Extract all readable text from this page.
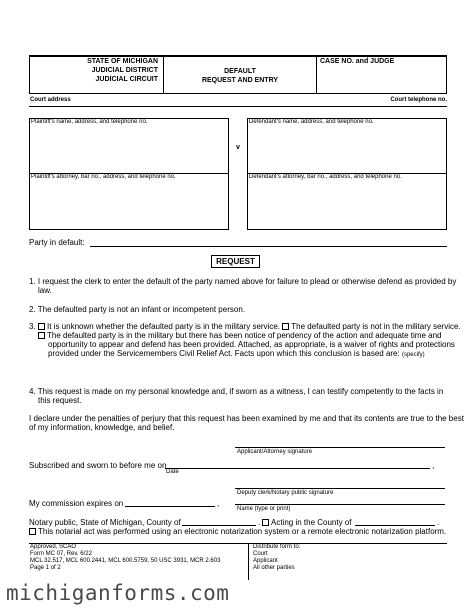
STATE OF MICHIGAN
JUDICIAL DISTRICT
JUDICIAL CIRCUIT
DEFAULT
REQUEST AND ENTRY
CASE NO. and JUDGE
Court address	Court telephone no.
Plaintiff's name, address, and telephone no.
Plaintiff's attorney, bar no., address, and telephone no.
v
Defendant's name, address, and telephone no.
Defendant's attorney, bar no., address, and telephone no.
Party in default:
REQUEST
1. I request the clerk to enter the default of the party named above for failure to plead or otherwise defend as provided by
law.
2. The defaulted party is not an infant or incompetent person.
3.	It is unknown whether the defaulted party is in the military service. The defaulted party is not in the military service.
The defaulted party is in the military but there has been notice of pendency of the action and adequate time and
opportunity to appear and defend has been provided. Attached, as appropriate, is a waiver of rights and protections
provided under the Servicemembers Civil Relief Act. Facts upon which this conclusion is based are: (specify)
4. This request is made on my personal knowledge and, if sworn as a witness, I can testify competently to the facts in
this request.
I declare under the penalties of perjury that this request has been examined by me and that its contents are true to the best
of my information, knowledge, and belief.
Applicant/Attorney signature
Subscribed and sworn to before me on	,
Date
Deputy clerk/Notary public signature
My commission expires on	,
Name (type or print)
Notary public, State of Michigan, County of	.	Acting in the County of	.
This notarial act was performed using an electronic notarization system or a remote electronic notarization platform.
Approved, SCAO
Form MC 07, Rev. 6/22
MCL 32.517, MCL 600.2441, MCL 600.5759, 50 USC 3931, MCR 2.603
Page 1 of 2
Distribute form to:
Court
Applicant
All other parties
michiganforms.com
